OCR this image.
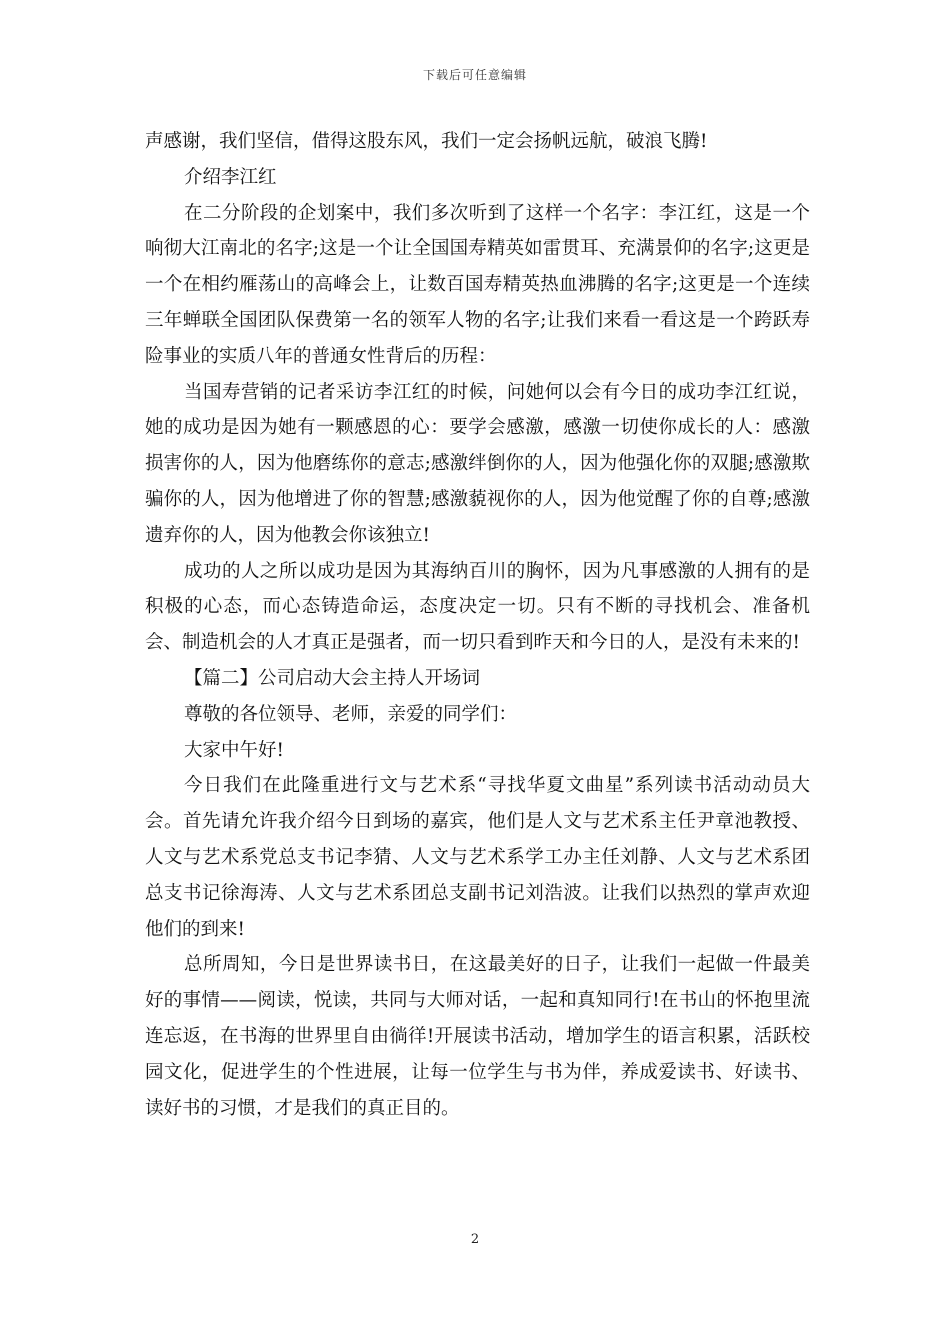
下载后可任意编辑

声感谢，我们坚信，借得这股东风，我们一定会扬帆远航，破浪飞腾!

介绍李江红

在二分阶段的企划案中，我们多次听到了这样一个名字：李江红，这是一个响彻大江南北的名字;这是一个让全国国寿精英如雷贯耳、充满景仰的名字;这更是一个在相约雁荡山的高峰会上，让数百国寿精英热血沸腾的名字;这更是一个连续三年蝉联全国团队保费第一名的领军人物的名字;让我们来看一看这是一个跨跃寿险事业的实质八年的普通女性背后的历程：

当国寿营销的记者采访李江红的时候，问她何以会有今日的成功李江红说，她的成功是因为她有一颗感恩的心：要学会感激，感激一切使你成长的人：感激损害你的人，因为他磨练你的意志;感激绊倒你的人，因为他强化你的双腿;感激欺骗你的人，因为他增进了你的智慧;感激藐视你的人，因为他觉醒了你的自尊;感激遗弃你的人，因为他教会你该独立!

成功的人之所以成功是因为其海纳百川的胸怀，因为凡事感激的人拥有的是积极的心态，而心态铸造命运，态度决定一切。只有不断的寻找机会、准备机会、制造机会的人才真正是强者，而一切只看到昨天和今日的人，是没有未来的!

【篇二】公司启动大会主持人开场词

尊敬的各位领导、老师，亲爱的同学们：

大家中午好!

今日我们在此隆重进行文与艺术系“寻找华夏文曲星”系列读书活动动员大会。首先请允许我介绍今日到场的嘉宾，他们是人文与艺术系主任尹章池教授、人文与艺术系党总支书记李猜、人文与艺术系学工办主任刘静、人文与艺术系团总支书记徐海涛、人文与艺术系团总支副书记刘浩波。让我们以热烈的掌声欢迎他们的到来!

总所周知，今日是世界读书日，在这最美好的日子，让我们一起做一件最美好的事情——阅读，悦读，共同与大师对话，一起和真知同行!在书山的怀抱里流连忘返，在书海的世界里自由徜徉!开展读书活动，增加学生的语言积累，活跃校园文化，促进学生的个性进展，让每一位学生与书为伴，养成爱读书、好读书、读好书的习惯，才是我们的真正目的。

2
